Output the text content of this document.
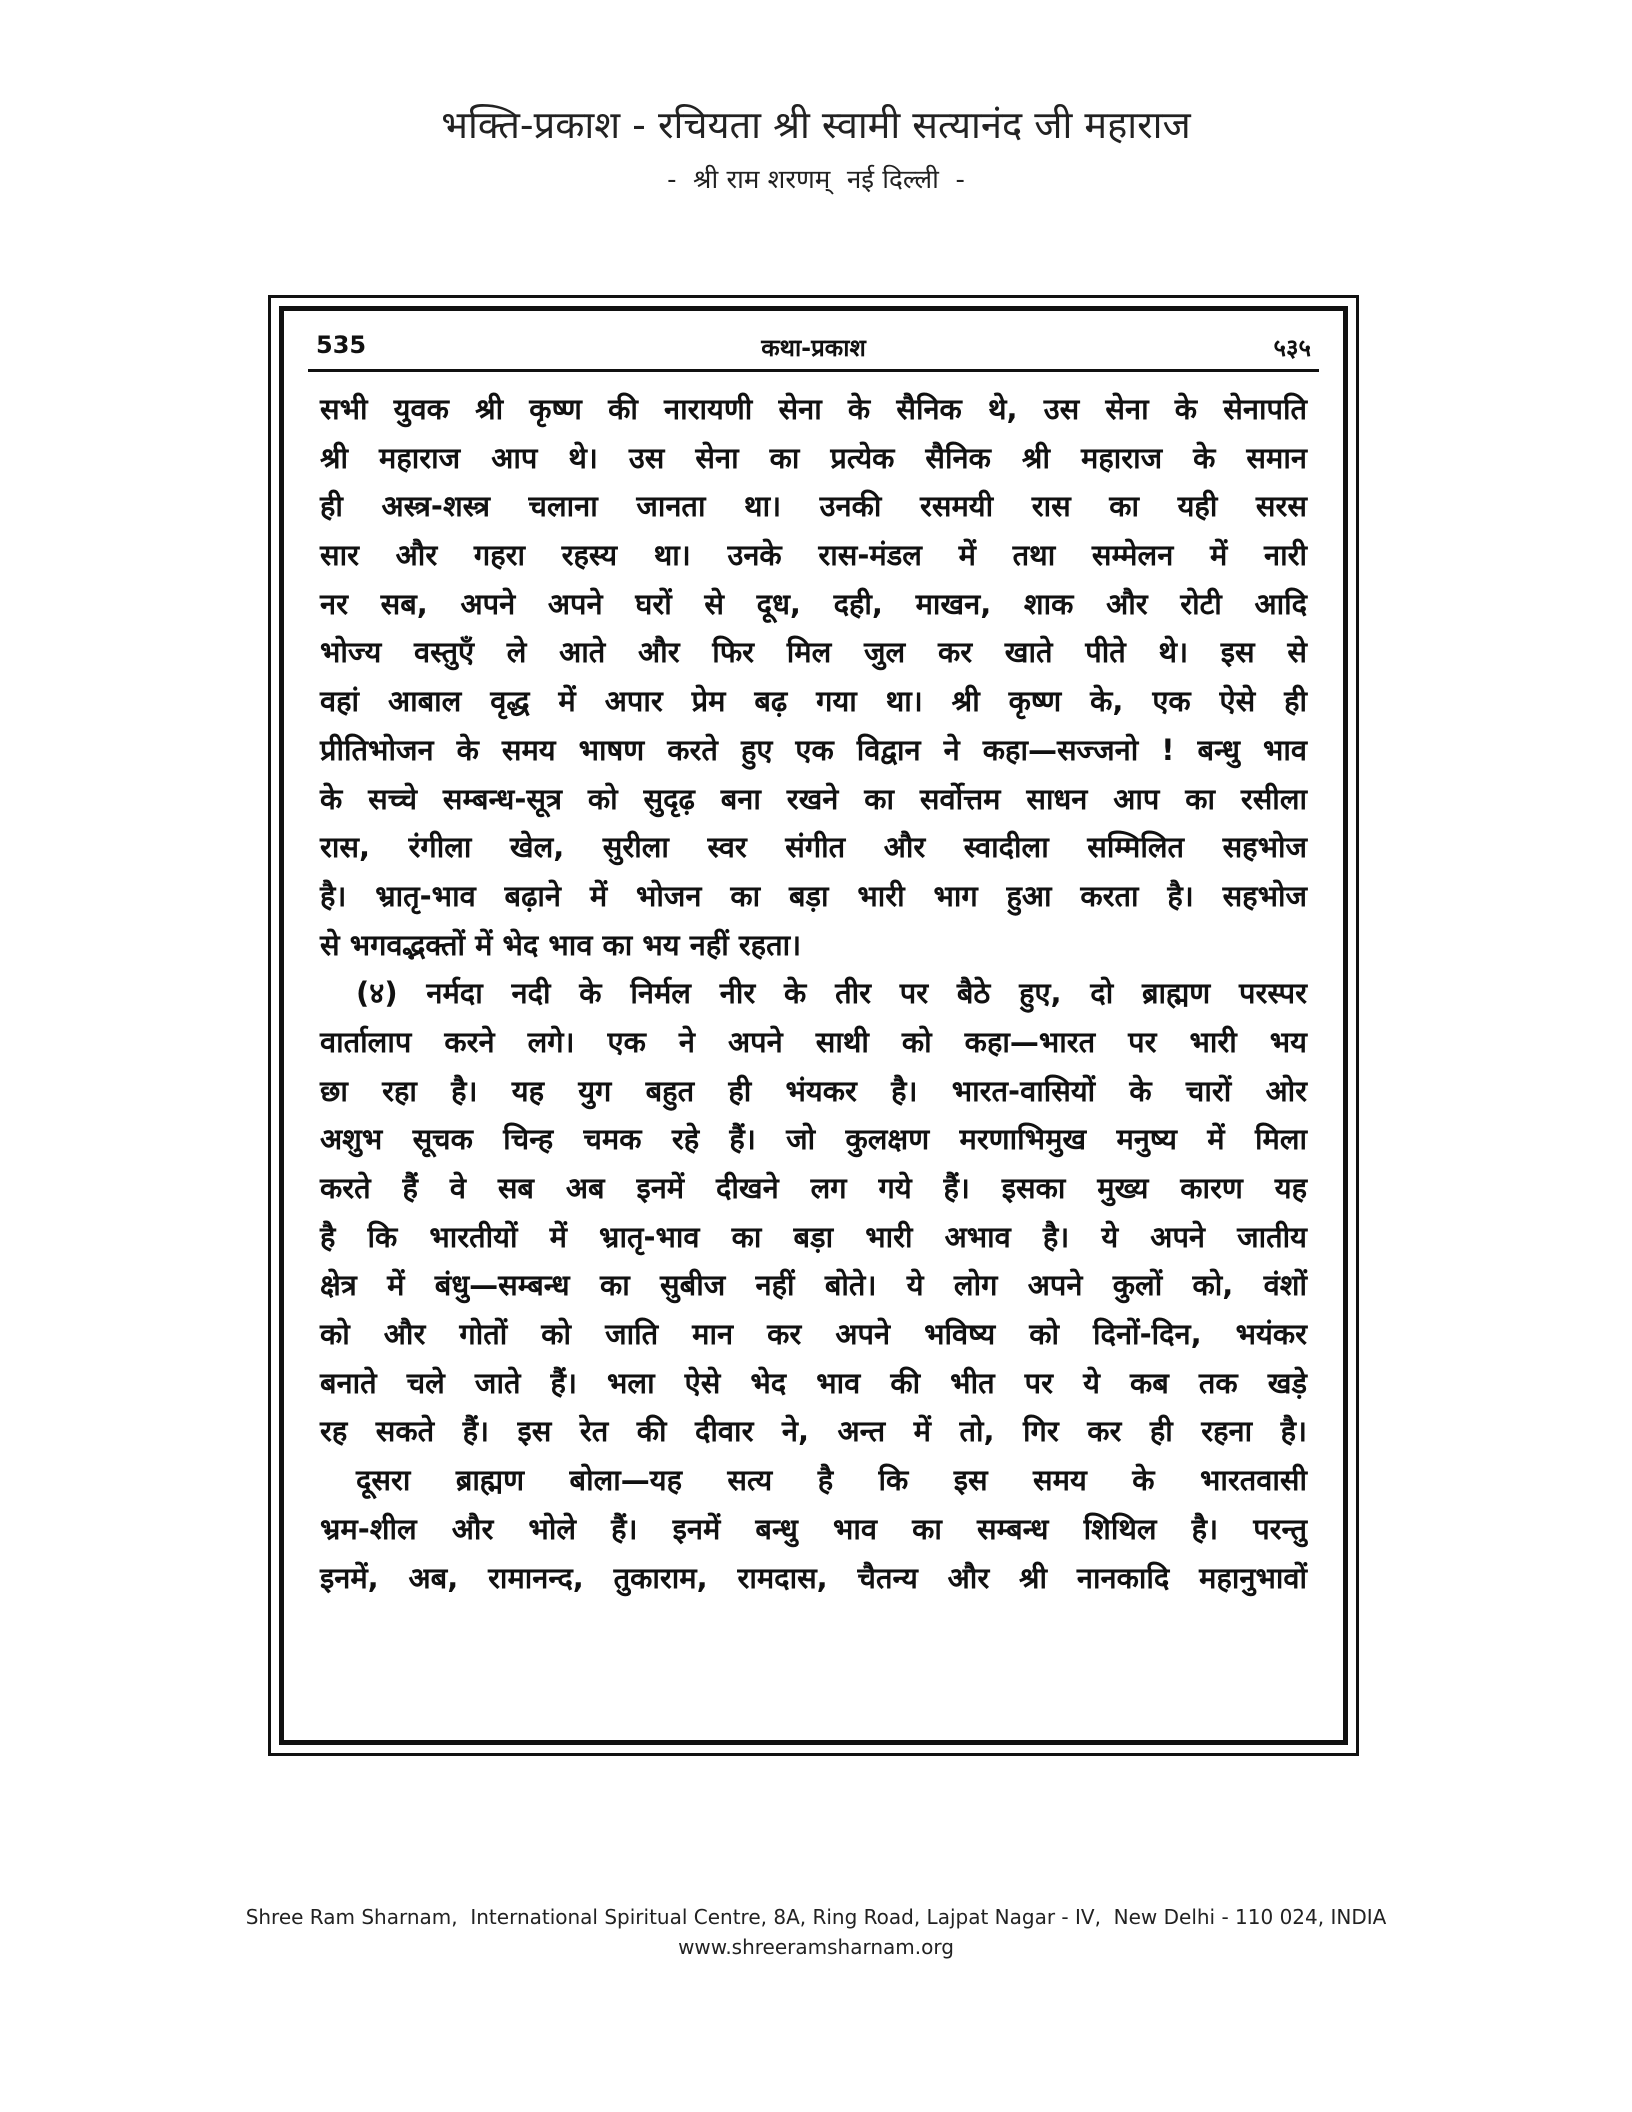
भक्ति-प्रकाश - रचियता श्री स्वामी सत्यानंद जी महाराज
-  श्री राम शरणम्  नई दिल्ली  -
535	कथा-प्रकाश	५३५
सभी युवक श्री कृष्ण की नारायणी सेना के सैनिक थे, उस सेना के सेनापति
श्री महाराज आप थे। उस सेना का प्रत्येक सैनिक श्री महाराज के समान
ही अस्त्र-शस्त्र चलाना जानता था। उनकी रसमयी रास का यही सरस
सार और गहरा रहस्य था। उनके रास-मंडल में तथा सम्मेलन में नारी
नर सब, अपने अपने घरों से दूध, दही, माखन, शाक और रोटी आदि
भोज्य वस्तुएँ ले आते और फिर मिल जुल कर खाते पीते थे। इस से
वहां आबाल वृद्ध में अपार प्रेम बढ़ गया था। श्री कृष्ण के, एक ऐसे ही
प्रीतिभोजन के समय भाषण करते हुए एक विद्वान ने कहा—सज्जनो ! बन्धु भाव
के सच्चे सम्बन्ध-सूत्र को सुदृढ़ बना रखने का सर्वोत्तम साधन आप का रसीला
रास, रंगीला खेल, सुरीला स्वर संगीत और स्वादीला सम्मिलित सहभोज
है। भ्रातृ-भाव बढ़ाने में भोजन का बड़ा भारी भाग हुआ करता है। सहभोज
से भगवद्भक्तों में भेद भाव का भय नहीं रहता।
(४) नर्मदा नदी के निर्मल नीर के तीर पर बैठे हुए, दो ब्राह्मण परस्पर
वार्तालाप करने लगे। एक ने अपने साथी को कहा—भारत पर भारी भय
छा रहा है। यह युग बहुत ही भंयकर है। भारत-वासियों के चारों ओर
अशुभ सूचक चिन्ह चमक रहे हैं। जो कुलक्षण मरणाभिमुख मनुष्य में मिला
करते हैं वे सब अब इनमें दीखने लग गये हैं। इसका मुख्य कारण यह
है कि भारतीयों में भ्रातृ-भाव का बड़ा भारी अभाव है। ये अपने जातीय
क्षेत्र में बंधु—सम्बन्ध का सुबीज नहीं बोते। ये लोग अपने कुलों को, वंशों
को और गोतों को जाति मान कर अपने भविष्य को दिनों-दिन, भयंकर
बनाते चले जाते हैं। भला ऐसे भेद भाव की भीत पर ये कब तक खड़े
रह सकते हैं। इस रेत की दीवार ने, अन्त में तो, गिर कर ही रहना है।
दूसरा ब्राह्मण बोला—यह सत्य है कि इस समय के भारतवासी
भ्रम-शील और भोले हैं। इनमें बन्धु भाव का सम्बन्ध शिथिल है। परन्तु
इनमें, अब, रामानन्द, तुकाराम, रामदास, चैतन्य और श्री नानकादि महानुभावों
Shree Ram Sharnam,  International Spiritual Centre, 8A, Ring Road, Lajpat Nagar - IV,  New Delhi - 110 024, INDIA
www.shreeramsharnam.org
